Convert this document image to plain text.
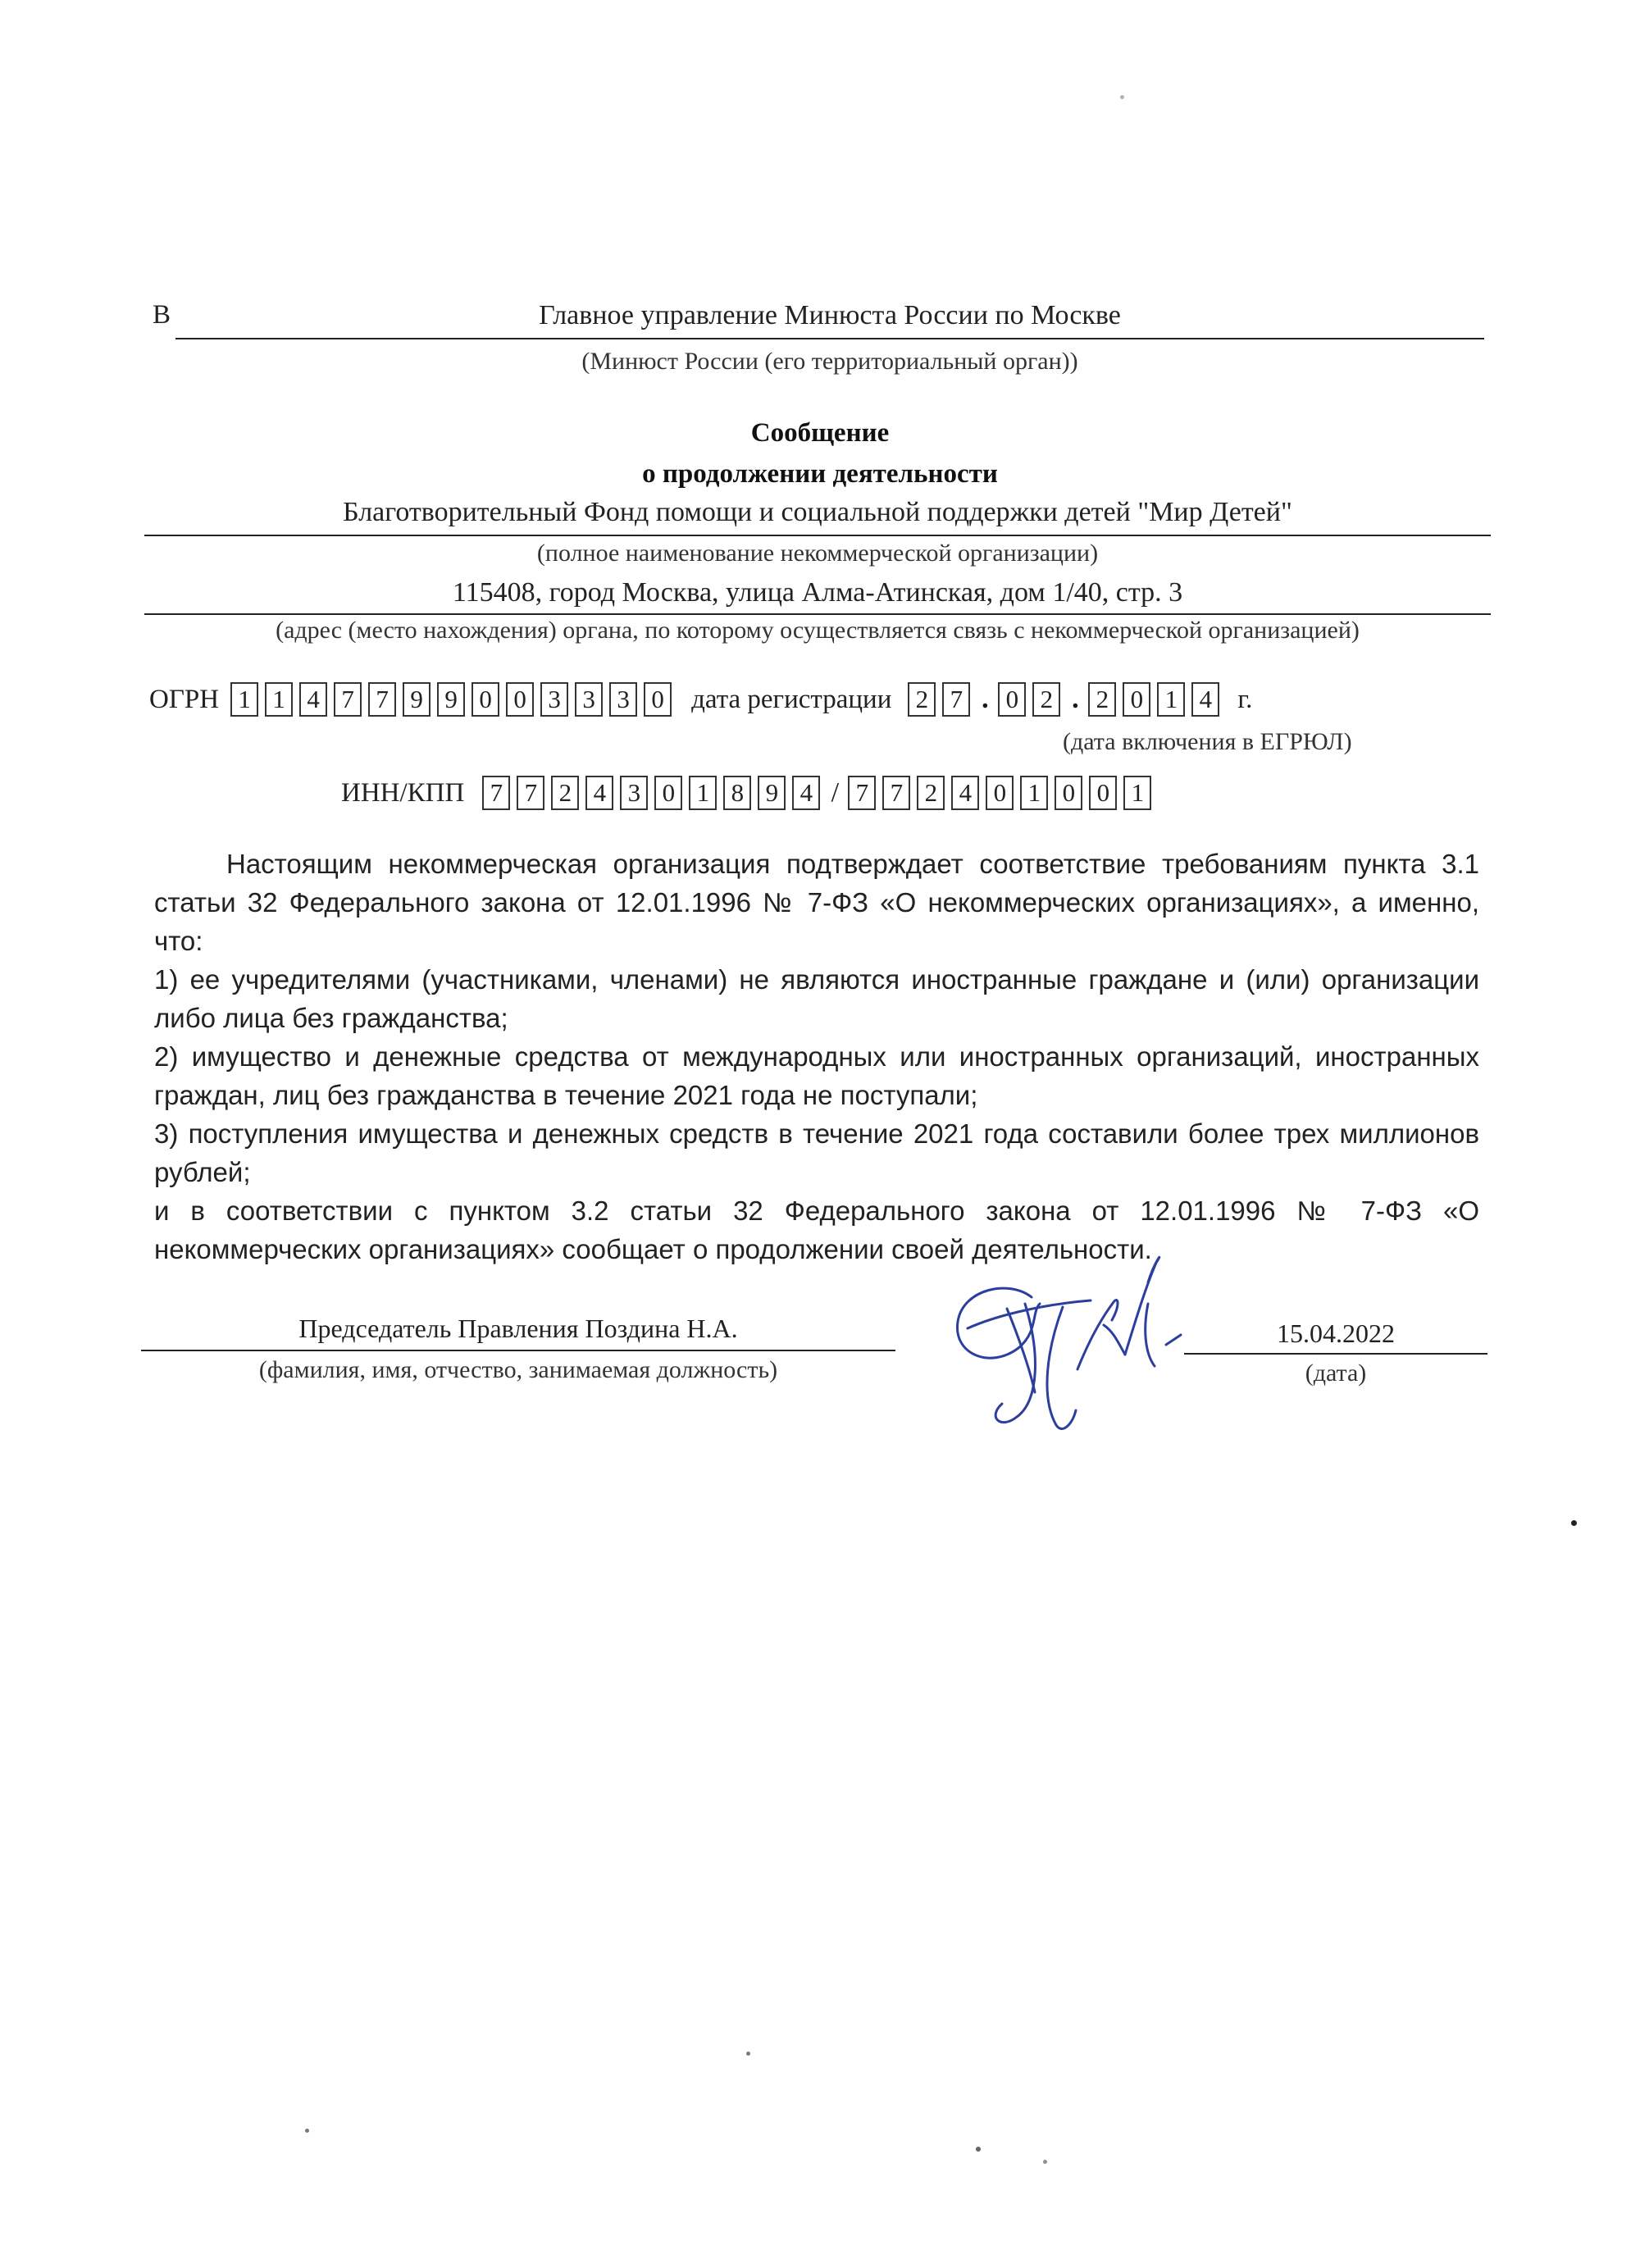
В	Главное управление Минюста России по Москве
(Минюст России (его территориальный орган))
Сообщение
о продолжении деятельности
Благотворительный Фонд помощи и социальной поддержки детей "Мир Детей"
(полное наименование некоммерческой организации)
115408, город Москва, улица Алма-Атинская, дом 1/40, стр. 3
(адрес (место нахождения) органа, по которому осуществляется связь с некоммерческой организацией)
ОГРН 1 1 4 7 7 9 9 0 0 3 3 3 0 дата регистрации 2 7 . 0 2 . 2 0 1 4 г.
(дата включения в ЕГРЮЛ)
ИНН/КПП 7 7 2 4 3 0 1 8 9 4 / 7 7 2 4 0 1 0 0 1

Настоящим некоммерческая организация подтверждает соответствие требованиям пункта 3.1 статьи 32 Федерального закона от 12.01.1996 № 7-ФЗ «О некоммерческих организациях», а именно, что:

1) ее учредителями (участниками, членами) не являются иностранные граждане и (или) организации либо лица без гражданства;

2) имущество и денежные средства от международных или иностранных организаций, иностранных граждан, лиц без гражданства в течение 2021 года не поступали;

3) поступления имущества и денежных средств в течение 2021 года составили более трех миллионов рублей;

и в соответствии с пунктом 3.2 статьи 32 Федерального закона от 12.01.1996 № 7-ФЗ «О некоммерческих организациях» сообщает о продолжении своей деятельности.

Председатель Правления Поздина Н.А.
(фамилия, имя, отчество, занимаемая должность)
15.04.2022
(дата)
